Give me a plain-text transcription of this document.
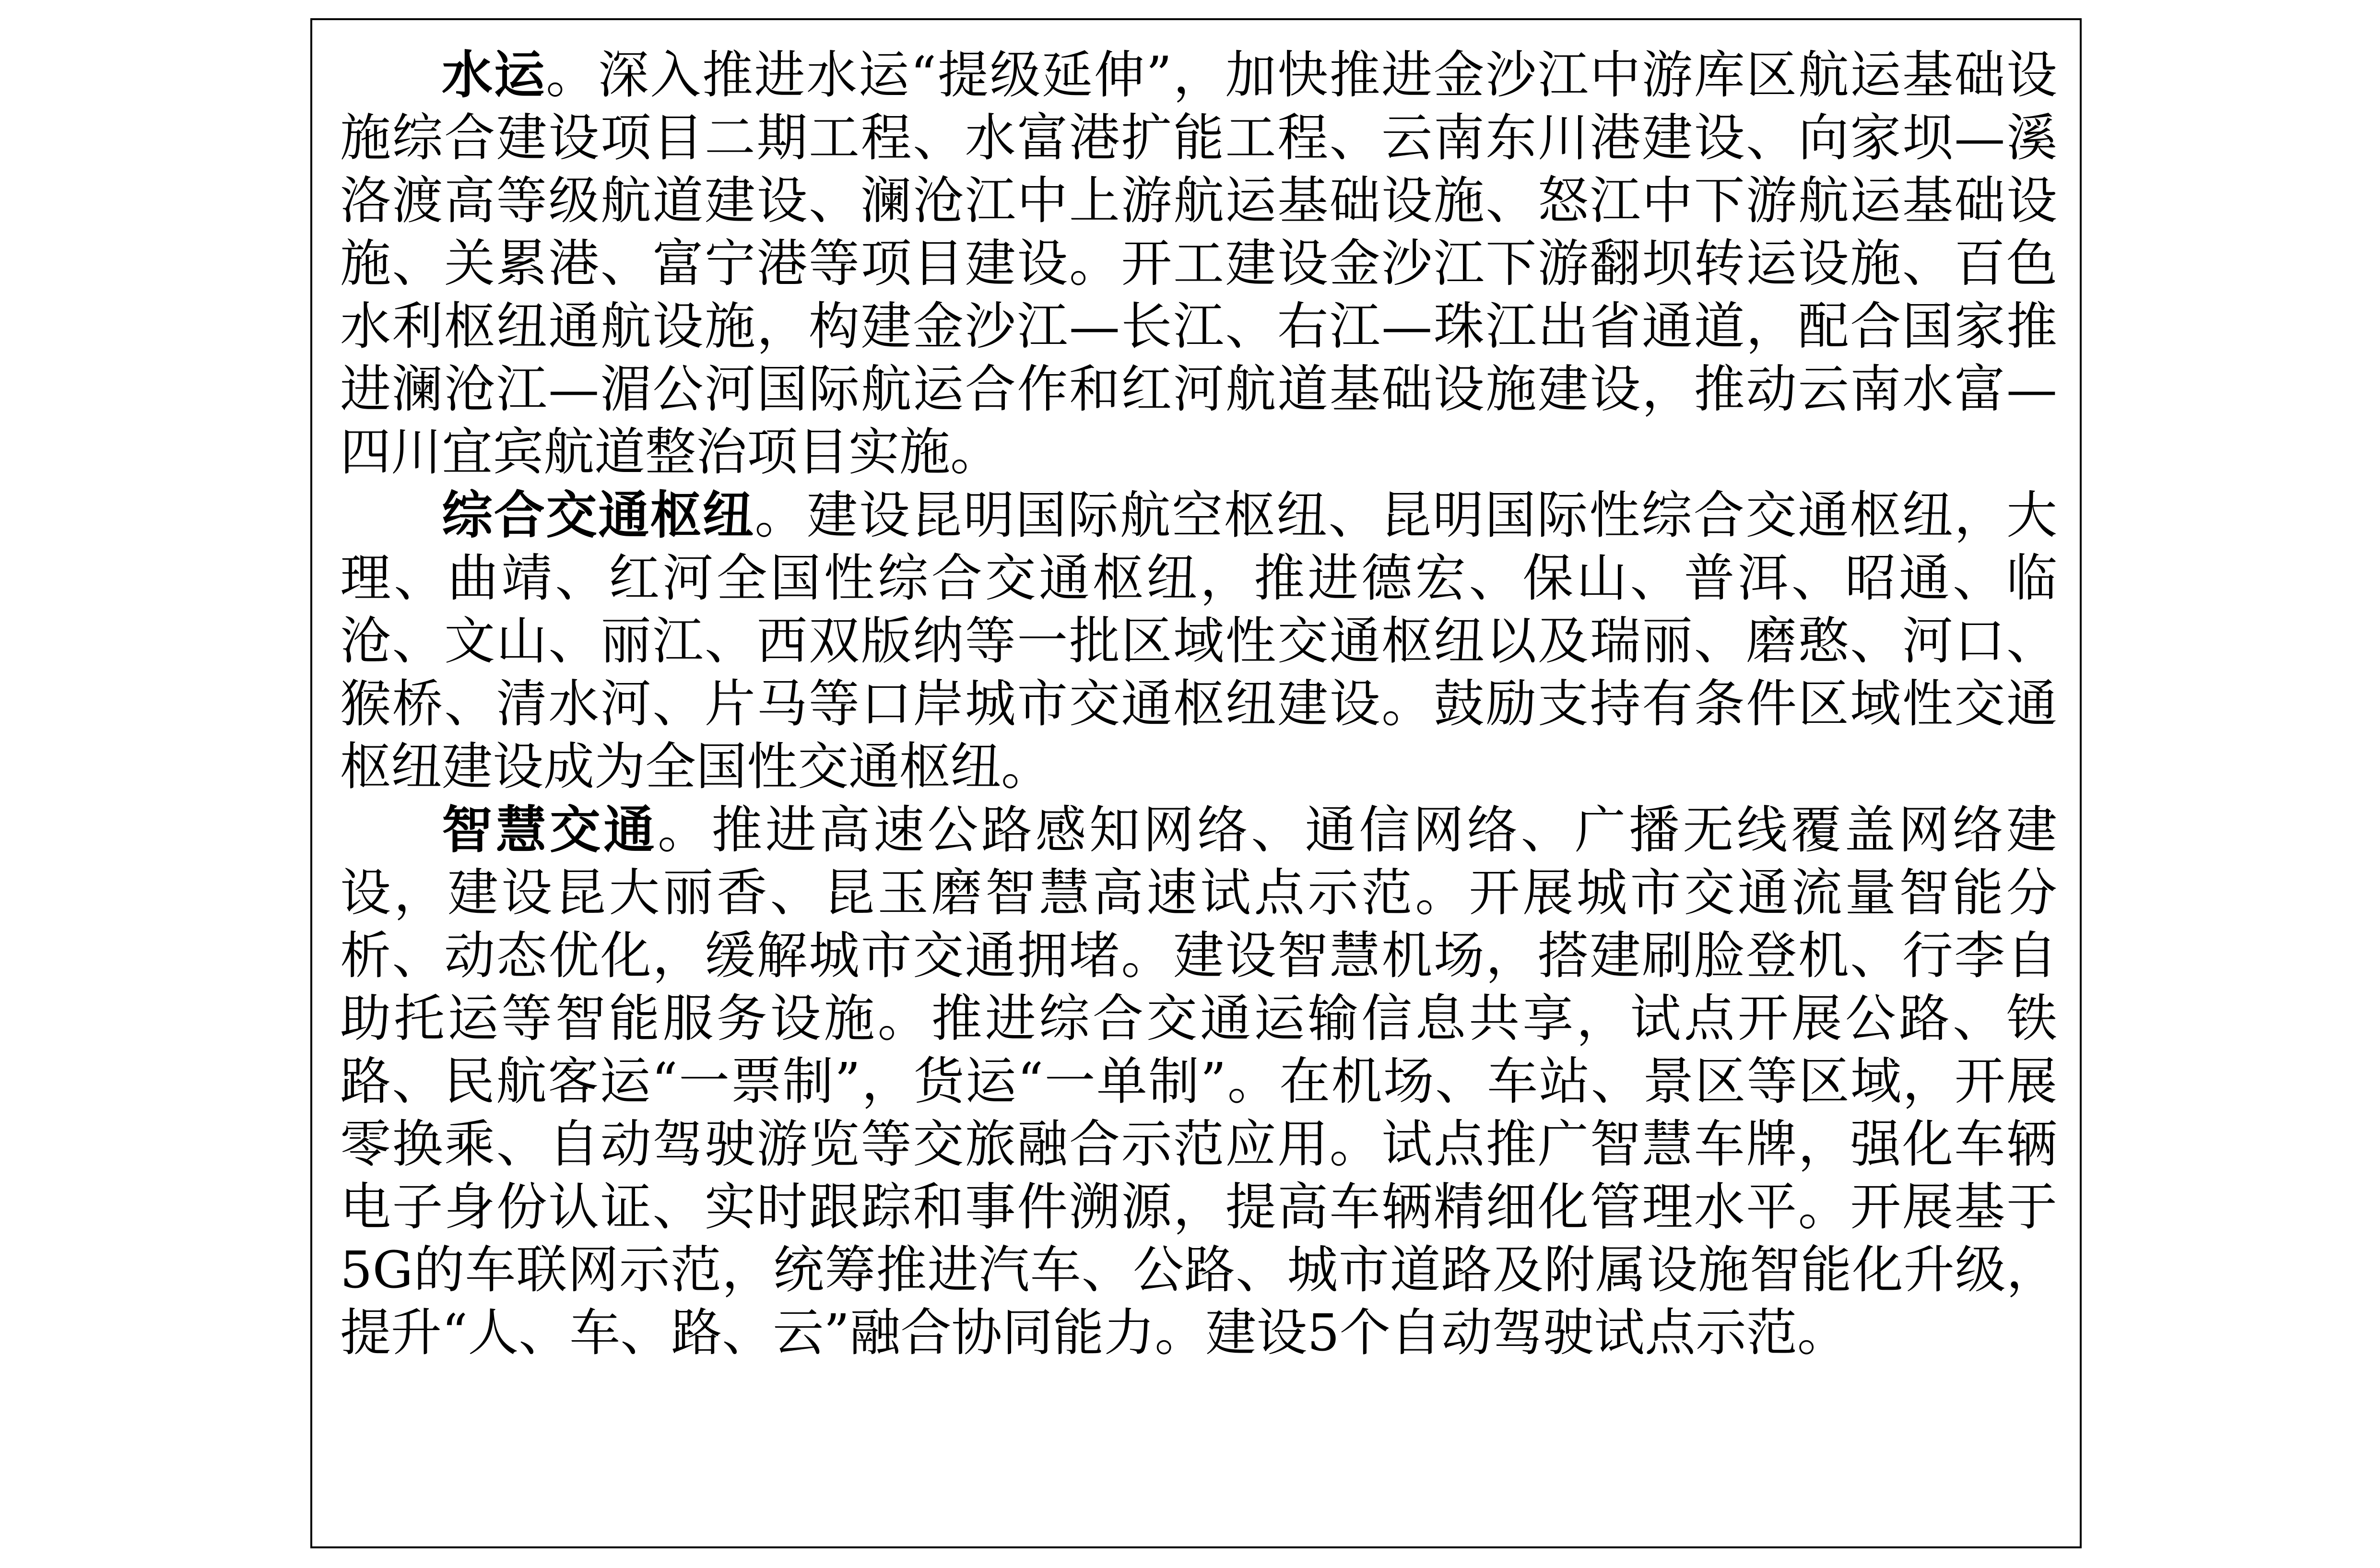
水运。深入推进水运“提级延伸”，加快推进金沙江中游库区航运基础设施综合建设项目二期工程、水富港扩能工程、云南东川港建设、向家坝—溪洛渡高等级航道建设、澜沧江中上游航运基础设施、怒江中下游航运基础设施、关累港、富宁港等项目建设。开工建设金沙江下游翻坝转运设施、百色水利枢纽通航设施，构建金沙江—长江、右江—珠江出省通道，配合国家推进澜沧江—湄公河国际航运合作和红河航道基础设施建设，推动云南水富—四川宜宾航道整治项目实施。

综合交通枢纽。建设昆明国际航空枢纽、昆明国际性综合交通枢纽，大理、曲靖、红河全国性综合交通枢纽，推进德宏、保山、普洱、昭通、临沧、文山、丽江、西双版纳等一批区域性交通枢纽以及瑞丽、磨憨、河口、猴桥、清水河、片马等口岸城市交通枢纽建设。鼓励支持有条件区域性交通枢纽建设成为全国性交通枢纽。

智慧交通。推进高速公路感知网络、通信网络、广播无线覆盖网络建设，建设昆大丽香、昆玉磨智慧高速试点示范。开展城市交通流量智能分析、动态优化，缓解城市交通拥堵。建设智慧机场，搭建刷脸登机、行李自助托运等智能服务设施。推进综合交通运输信息共享，试点开展公路、铁路、民航客运“一票制”，货运“一单制”。在机场、车站、景区等区域，开展零换乘、自动驾驶游览等交旅融合示范应用。试点推广智慧车牌，强化车辆电子身份认证、实时跟踪和事件溯源，提高车辆精细化管理水平。开展基于5G的车联网示范，统筹推进汽车、公路、城市道路及附属设施智能化升级，提升“人、车、路、云”融合协同能力。建设5个自动驾驶试点示范。
